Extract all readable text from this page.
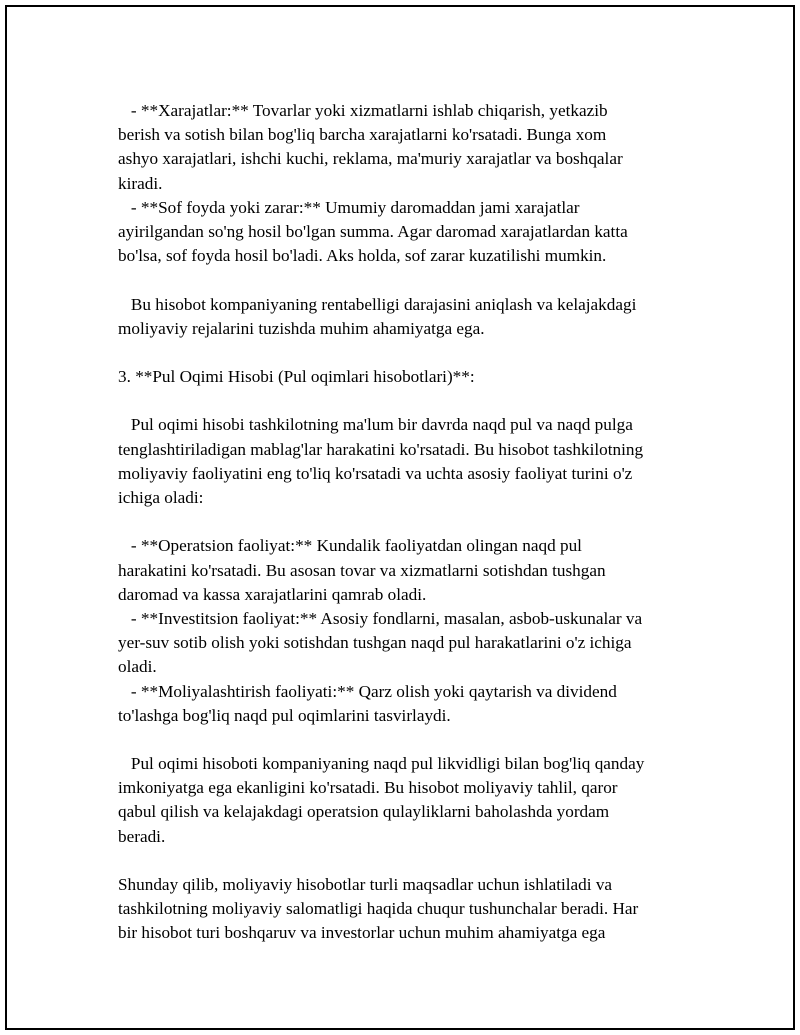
- **Xarajatlar:** Tovarlar yoki xizmatlarni ishlab chiqarish, yetkazib
berish va sotish bilan bog'liq barcha xarajatlarni ko'rsatadi. Bunga xom
ashyo xarajatlari, ishchi kuchi, reklama, ma'muriy xarajatlar va boshqalar
kiradi.
- **Sof foyda yoki zarar:** Umumiy daromaddan jami xarajatlar
ayirilgandan so'ng hosil bo'lgan summa. Agar daromad xarajatlardan katta
bo'lsa, sof foyda hosil bo'ladi. Aks holda, sof zarar kuzatilishi mumkin.
Bu hisobot kompaniyaning rentabelligi darajasini aniqlash va kelajakdagi
moliyaviy rejalarini tuzishda muhim ahamiyatga ega.
3. **Pul Oqimi Hisobi (Pul oqimlari hisobotlari)**:
Pul oqimi hisobi tashkilotning ma'lum bir davrda naqd pul va naqd pulga
tenglashtiriladigan mablag'lar harakatini ko'rsatadi. Bu hisobot tashkilotning
moliyaviy faoliyatini eng to'liq ko'rsatadi va uchta asosiy faoliyat turini o'z
ichiga oladi:
- **Operatsion faoliyat:** Kundalik faoliyatdan olingan naqd pul
harakatini ko'rsatadi. Bu asosan tovar va xizmatlarni sotishdan tushgan
daromad va kassa xarajatlarini qamrab oladi.
- **Investitsion faoliyat:** Asosiy fondlarni, masalan, asbob-uskunalar va
yer-suv sotib olish yoki sotishdan tushgan naqd pul harakatlarini o'z ichiga
oladi.
- **Moliyalashtirish faoliyati:** Qarz olish yoki qaytarish va dividend
to'lashga bog'liq naqd pul oqimlarini tasvirlaydi.
Pul oqimi hisoboti kompaniyaning naqd pul likvidligi bilan bog'liq qanday
imkoniyatga ega ekanligini ko'rsatadi. Bu hisobot moliyaviy tahlil, qaror
qabul qilish va kelajakdagi operatsion qulayliklarni baholashda yordam
beradi.
Shunday qilib, moliyaviy hisobotlar turli maqsadlar uchun ishlatiladi va
tashkilotning moliyaviy salomatligi haqida chuqur tushunchalar beradi. Har
bir hisobot turi boshqaruv va investorlar uchun muhim ahamiyatga ega
